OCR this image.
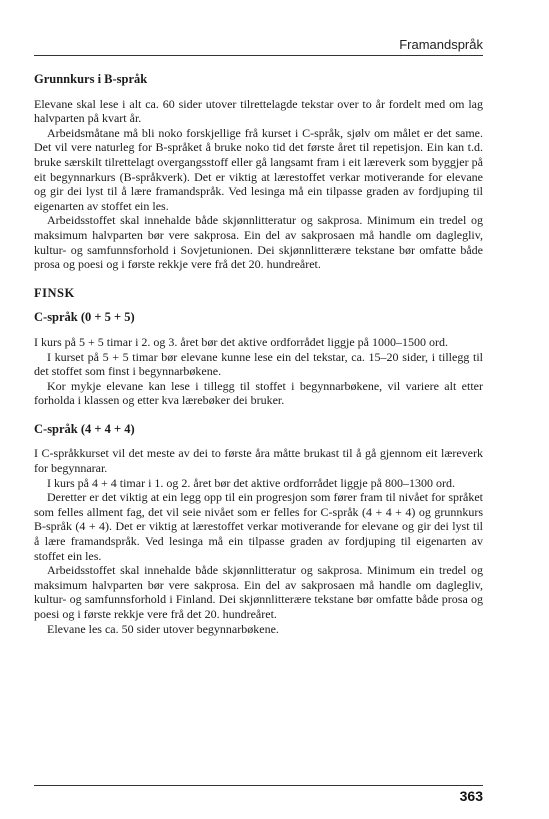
Framandspråk
Grunnkurs i B-språk

Elevane skal lese i alt ca. 60 sider utover tilrettelagde tekstar over to år fordelt med om lag halvparten på kvart år.

Arbeidsmåtane må bli noko forskjellige frå kurset i C-språk, sjølv om målet er det same. Det vil vere naturleg for B-språket å bruke noko tid det første året til repetisjon. Ein kan t.d. bruke særskilt tilrettelagt overgangsstoff eller gå langsamt fram i eit læreverk som byggjer på eit begynnarkurs (B-språkverk). Det er viktig at lærestoffet verkar motiverande for elevane og gir dei lyst til å lære framandspråk. Ved lesinga må ein tilpasse graden av fordjuping til eigenarten av stoffet ein les.

Arbeidsstoffet skal innehalde både skjønnlitteratur og sakprosa. Minimum ein tredel og maksimum halvparten bør vere sakprosa. Ein del av sakprosaen må handle om daglegliv, kultur- og samfunnsforhold i Sovjetunionen. Dei skjønnlitterære tekstane bør omfatte både prosa og poesi og i første rekkje vere frå det 20. hundreåret.

FINSK
C-språk (0 + 5 + 5)

I kurs på 5 + 5 timar i 2. og 3. året bør det aktive ordforrådet liggje på 1000–1500 ord.

I kurset på 5 + 5 timar bør elevane kunne lese ein del tekstar, ca. 15–20 sider, i tillegg til det stoffet som finst i begynnarbøkene.

Kor mykje elevane kan lese i tillegg til stoffet i begynnarbøkene, vil variere alt etter forholda i klassen og etter kva lærebøker dei bruker.

C-språk (4 + 4 + 4)

I C-språkkurset vil det meste av dei to første åra måtte brukast til å gå gjennom eit læreverk for begynnarar.

I kurs på 4 + 4 timar i 1. og 2. året bør det aktive ordforrådet liggje på 800–1300 ord.

Deretter er det viktig at ein legg opp til ein progresjon som fører fram til nivået for språket som felles allment fag, det vil seie nivået som er felles for C-språk (4 + 4 + 4) og grunnkurs B-språk (4 + 4). Det er viktig at lærestoffet verkar motiverande for elevane og gir dei lyst til å lære framandspråk. Ved lesinga må ein tilpasse graden av fordjuping til eigenarten av stoffet ein les.

Arbeidsstoffet skal innehalde både skjønnlitteratur og sakprosa. Minimum ein tredel og maksimum halvparten bør vere sakprosa. Ein del av sakprosaen må handle om daglegliv, kultur- og samfunnsforhold i Finland. Dei skjønnlitterære tekstane bør omfatte både prosa og poesi og i første rekkje vere frå det 20. hundreåret.

Elevane les ca. 50 sider utover begynnarbøkene.

363
